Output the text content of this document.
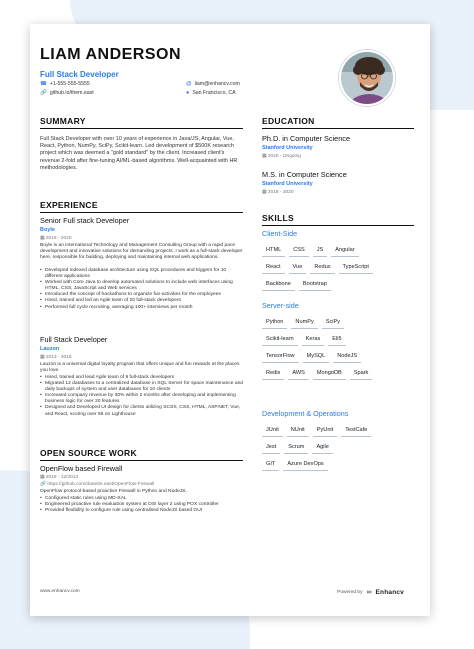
LIAM ANDERSON
Full Stack Developer
☎ +1-555-555-5555
🔗 github.io/them.east
@ liam@enhancv.com
● San Francisco, CA
SUMMARY
Full Stack Developer with over 10 years of experience in Java/JS, Angular, Vue, React, Python, NumPy, SciPy, Scikit-learn. Led development of $500K research project which was deemed a "gold standard" by the client. Increased client's revenue 2-fold after fine-tuning AI/ML-based algorithms. Well-acquainted with HR methodologies.
EXPERIENCE
Senior Full stack Developer
Boyle
▦ 2016 - 2020
Boyle is an international Technology and Management Consulting Group with a rapid pace development and innovative solutions for demanding projects. I work as a full-stack developer here, responsible for building, deploying and maintaining internal web applications.
• Developed indexed database architecture using SQL procedures and triggers for 10 different applications
• Worked with Core Java to develop automated solutions to include web interfaces using HTML, CSS, JavaScript and Web services
• Introduced the concept of hackathons to organize fun-activities for the employees
• Hired, trained and led an Agile team of 20 full-stack developers
• Performed full cycle recruiting, averaging 100+ interviews per month
Full Stack Developer
Lauzon
▦ 2013 - 2016
Lauzon is a universal digital loyalty program that offers unique and fun rewards at the places you love.
• Hired, trained and lead Agile team of 9 full-stack developers
• Migrated 12 databases to a centralized database in SQL Server for space maintenance and daily backups of system and user databases for 10 clients
• Increased company revenue by 30% within 2 months after developing and implementing business logic for over 20 features
• Designed and Developed UI design for clients utilizing SCSS, CSS, HTML, ASP.NET, Vue, and React, scoring over 85 on Lighthouse
OPEN SOURCE WORK
OpenFlow based Firewall
▦ 2018 - 12/2013
🔗 https://github.com/danette.east/OpenFlow-Firewall
OpenFlow protocol-based proactive Firewall in Python and NodeJS.
• Configured static rules using MD-SAL
• Engineered proactive rule evaluation system at OSI layer 2 using POX controller
• Provided flexibility to configure rule using centralised NodeJS based GUI
EDUCATION
Ph.D. in Computer Science
Stanford University
▦ 2020 - Ongoing
M.S. in Computer Science
Stanford University
▦ 2018 - 2020
SKILLS
Client-Side
HTML	CSS	JS	Angular
React	Vue	Redux	TypeScript
Backbone	Bootstrap
Server-side
Python	NumPy	SciPy
Scikit-learn	Keras	Eli5
TensorFlow	MySQL	NodeJS
Redis	AWS	MongoDB	Spark
Development & Operations
JUnit	NUnit	PyUnit	TestCafe
Jest	Scrum	Agile
GIT	Azure DevOps
www.enhancv.com	Powered by ∞ Enhancv
